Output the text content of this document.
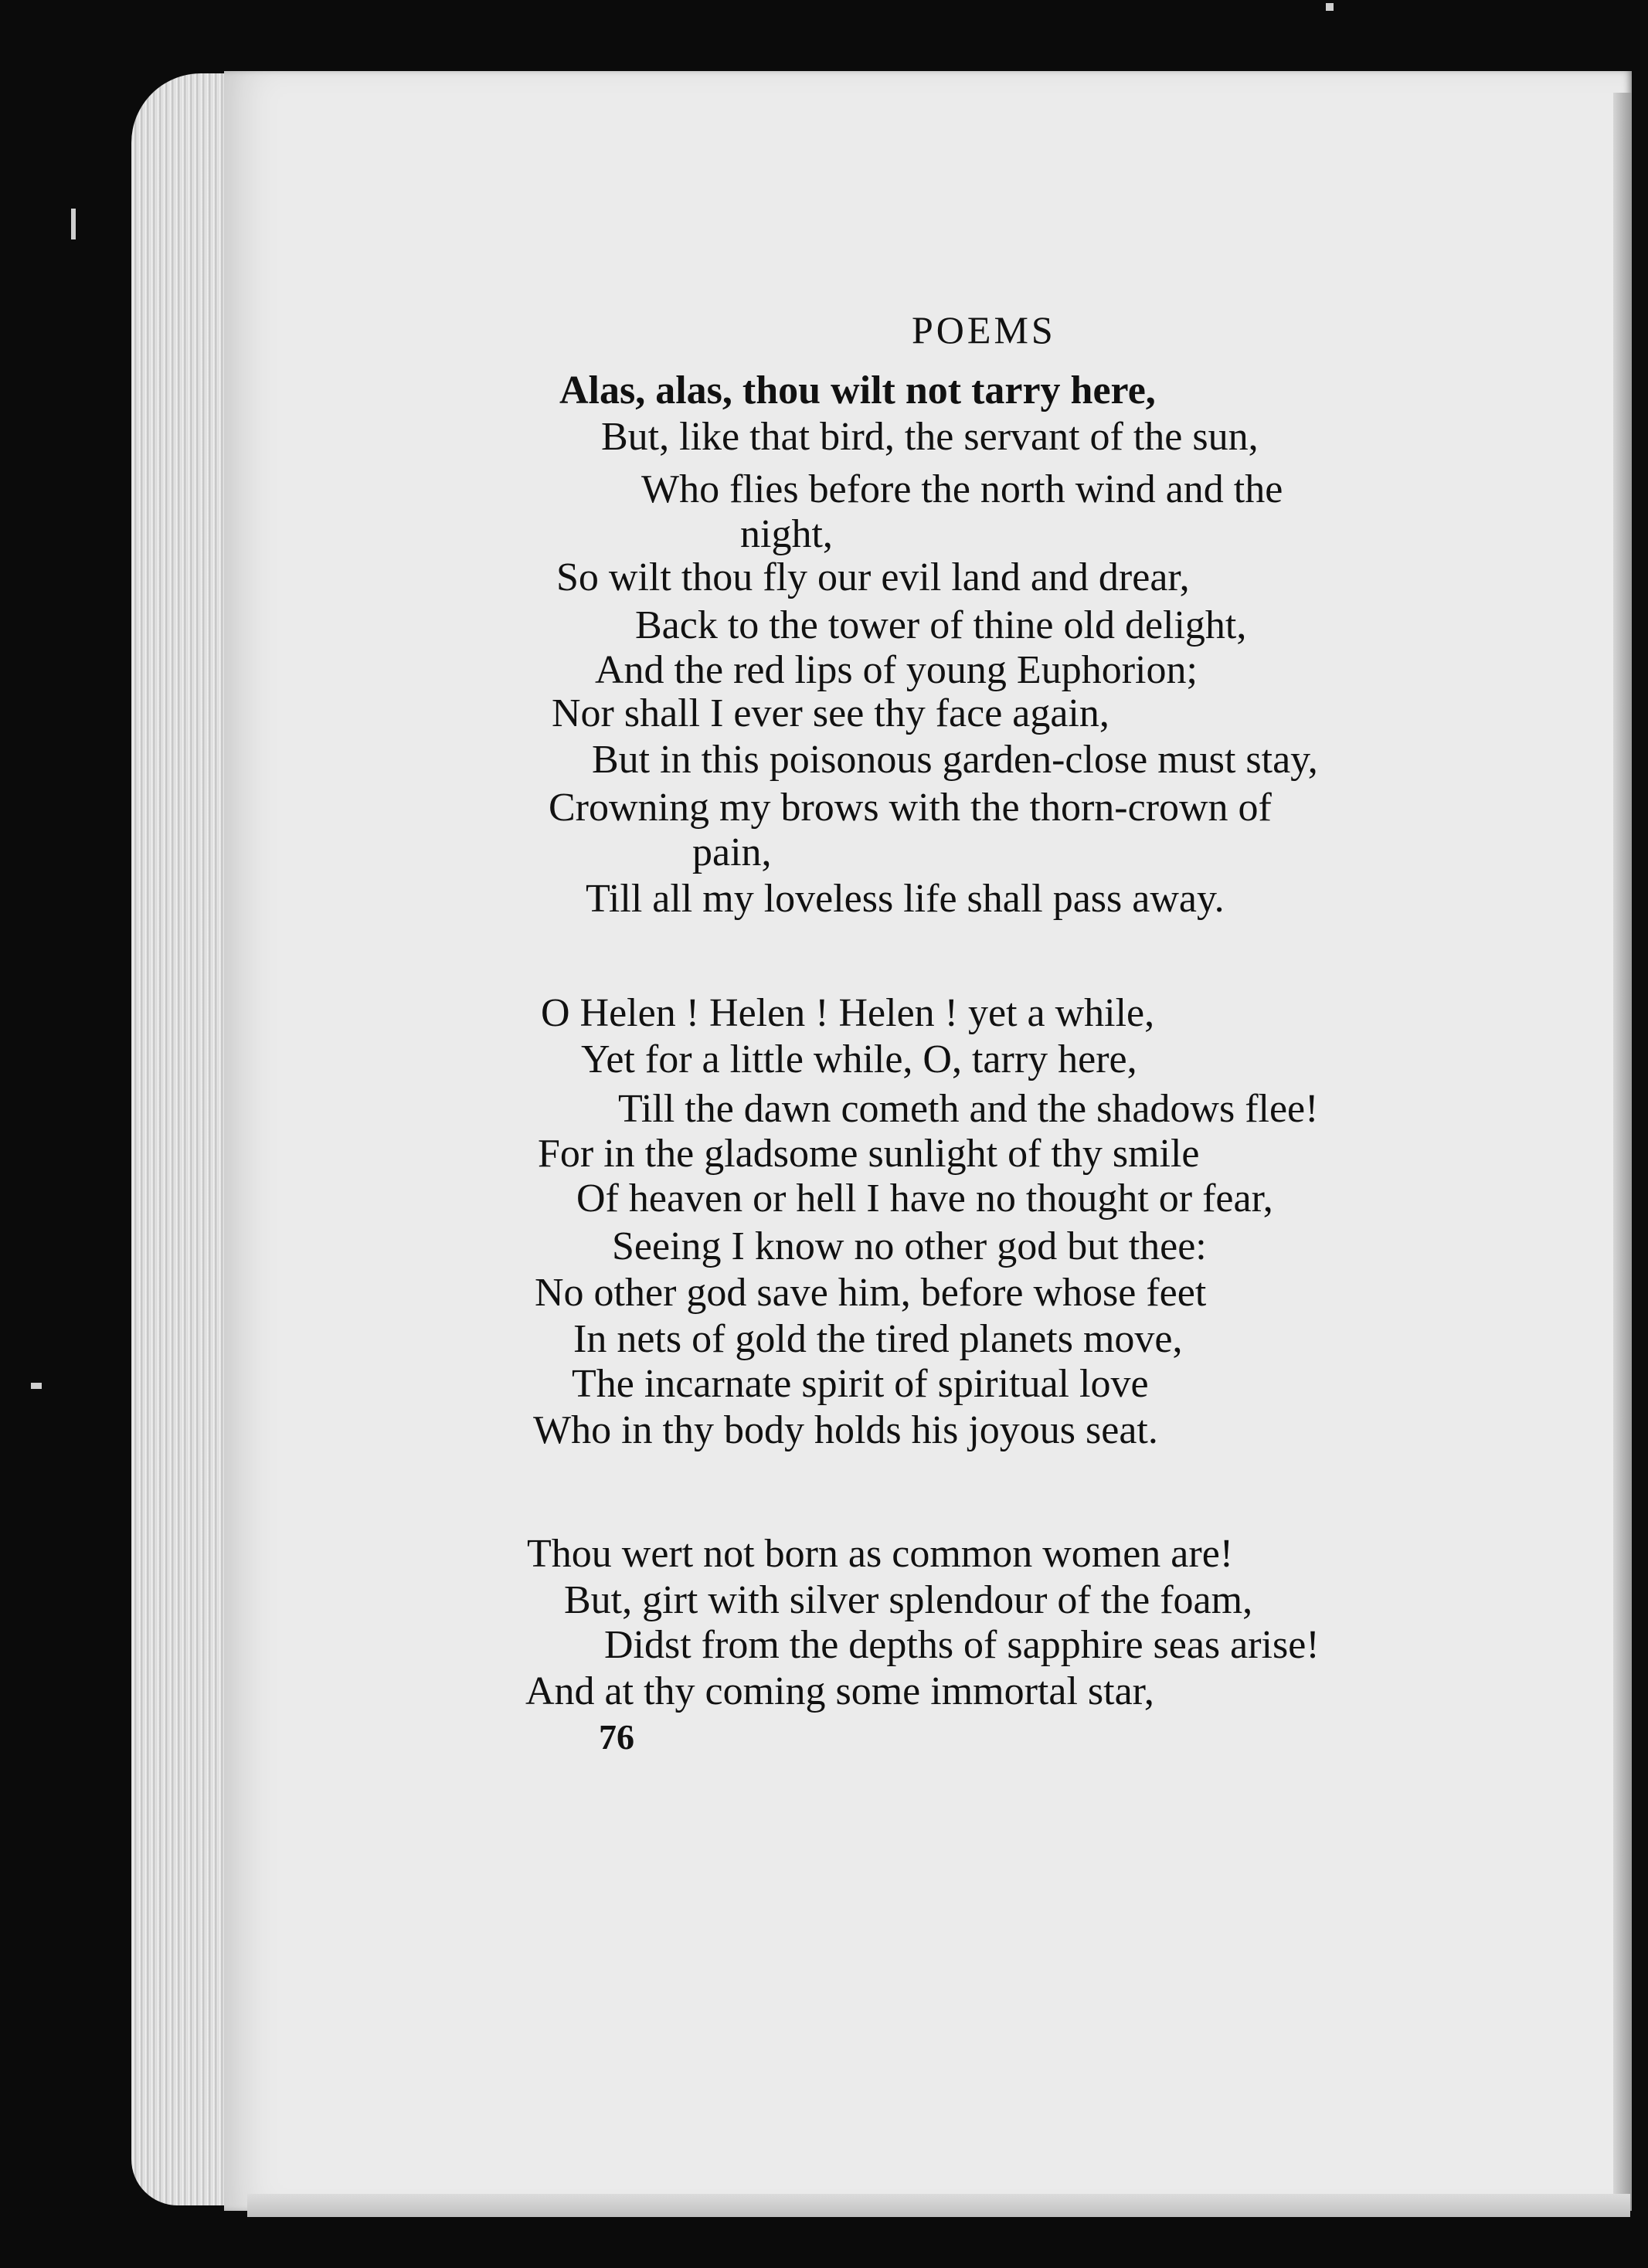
POEMS
Alas, alas, thou wilt not tarry here,
But, like that bird, the servant of the sun,
Who flies before the north wind and the
night,
So wilt thou fly our evil land and drear,
Back to the tower of thine old delight,
And the red lips of young Euphorion;
Nor shall I ever see thy face again,
But in this poisonous garden-close must stay,
Crowning my brows with the thorn-crown of
pain,
Till all my loveless life shall pass away.
O Helen ! Helen ! Helen ! yet a while,
Yet for a little while, O, tarry here,
Till the dawn cometh and the shadows flee!
For in the gladsome sunlight of thy smile
Of heaven or hell I have no thought or fear,
Seeing I know no other god but thee:
No other god save him, before whose feet
In nets of gold the tired planets move,
The incarnate spirit of spiritual love
Who in thy body holds his joyous seat.
Thou wert not born as common women are!
But, girt with silver splendour of the foam,
Didst from the depths of sapphire seas arise!
And at thy coming some immortal star,
76
